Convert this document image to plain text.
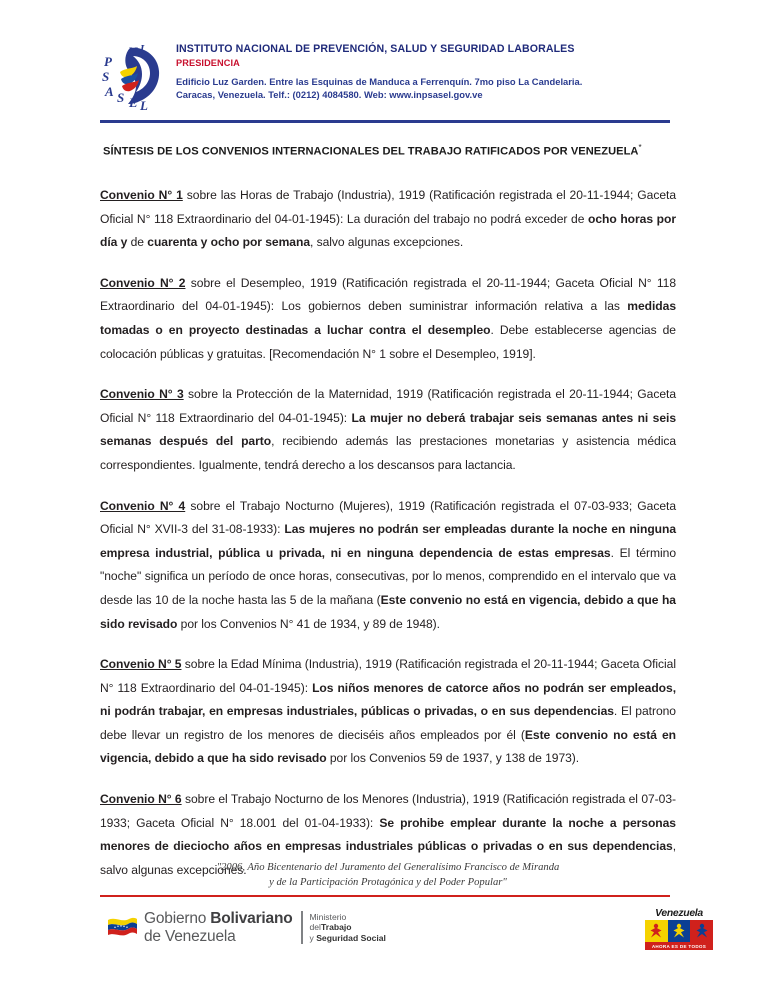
N I
P
S
A S E L
INSTITUTO NACIONAL DE PREVENCIÓN, SALUD Y SEGURIDAD LABORALES
PRESIDENCIA
Edificio Luz Garden. Entre las Esquinas de Manduca a Ferrenquín. 7mo piso La Candelaria.
Caracas, Venezuela. Telf.: (0212) 4084580. Web: www.inpsasel.gov.ve
SÍNTESIS DE LOS CONVENIOS INTERNACIONALES DEL TRABAJO RATIFICADOS POR VENEZUELA*

Convenio N° 1 sobre las Horas de Trabajo (Industria), 1919 (Ratificación registrada el 20-11-1944; Gaceta Oficial N° 118 Extraordinario del 04-01-1945): La duración del trabajo no podrá exceder de ocho horas por día y de cuarenta y ocho por semana, salvo algunas excepciones.

Convenio N° 2 sobre el Desempleo, 1919 (Ratificación registrada el 20-11-1944; Gaceta Oficial N° 118 Extraordinario del 04-01-1945): Los gobiernos deben suministrar información relativa a las medidas tomadas o en proyecto destinadas a luchar contra el desempleo. Debe establecerse agencias de colocación públicas y gratuitas. [Recomendación N° 1 sobre el Desempleo, 1919].

Convenio N° 3 sobre la Protección de la Maternidad, 1919 (Ratificación registrada el 20-11-1944; Gaceta Oficial N° 118 Extraordinario del 04-01-1945): La mujer no deberá trabajar seis semanas antes ni seis semanas después del parto, recibiendo además las prestaciones monetarias y asistencia médica correspondientes. Igualmente, tendrá derecho a los descansos para lactancia.

Convenio N° 4 sobre el Trabajo Nocturno (Mujeres), 1919 (Ratificación registrada el 07-03-933; Gaceta Oficial N° XVII-3 del 31-08-1933): Las mujeres no podrán ser empleadas durante la noche en ninguna empresa industrial, pública u privada, ni en ninguna dependencia de estas empresas. El término "noche" significa un período de once horas, consecutivas, por lo menos, comprendido en el intervalo que va desde las 10 de la noche hasta las 5 de la mañana (Este convenio no está en vigencia, debido a que ha sido revisado por los Convenios N° 41 de 1934, y 89 de 1948).

Convenio N° 5 sobre la Edad Mínima (Industria), 1919 (Ratificación registrada el 20-11-1944; Gaceta Oficial N° 118 Extraordinario del 04-01-1945): Los niños menores de catorce años no podrán ser empleados, ni podrán trabajar, en empresas industriales, públicas o privadas, o en sus dependencias. El patrono debe llevar un registro de los menores de dieciséis años empleados por él (Este convenio no está en vigencia, debido a que ha sido revisado por los Convenios 59 de 1937, y 138 de 1973).

Convenio N° 6 sobre el Trabajo Nocturno de los Menores (Industria), 1919 (Ratificación registrada el 07-03-1933; Gaceta Oficial N° 18.001 del 01-04-1933): Se prohibe emplear durante la noche a personas menores de dieciocho años en empresas industriales públicas o privadas o en sus dependencias, salvo algunas excepciones.

"2006, Año Bicentenario del Juramento del Generalísimo Francisco de Miranda
y de la Participación Protagónica y del Poder Popular"
Gobierno Bolivariano
de Venezuela
Ministerio
delTrabajo
y Seguridad Social
Venezuela
AHORA ES DE TODOS
